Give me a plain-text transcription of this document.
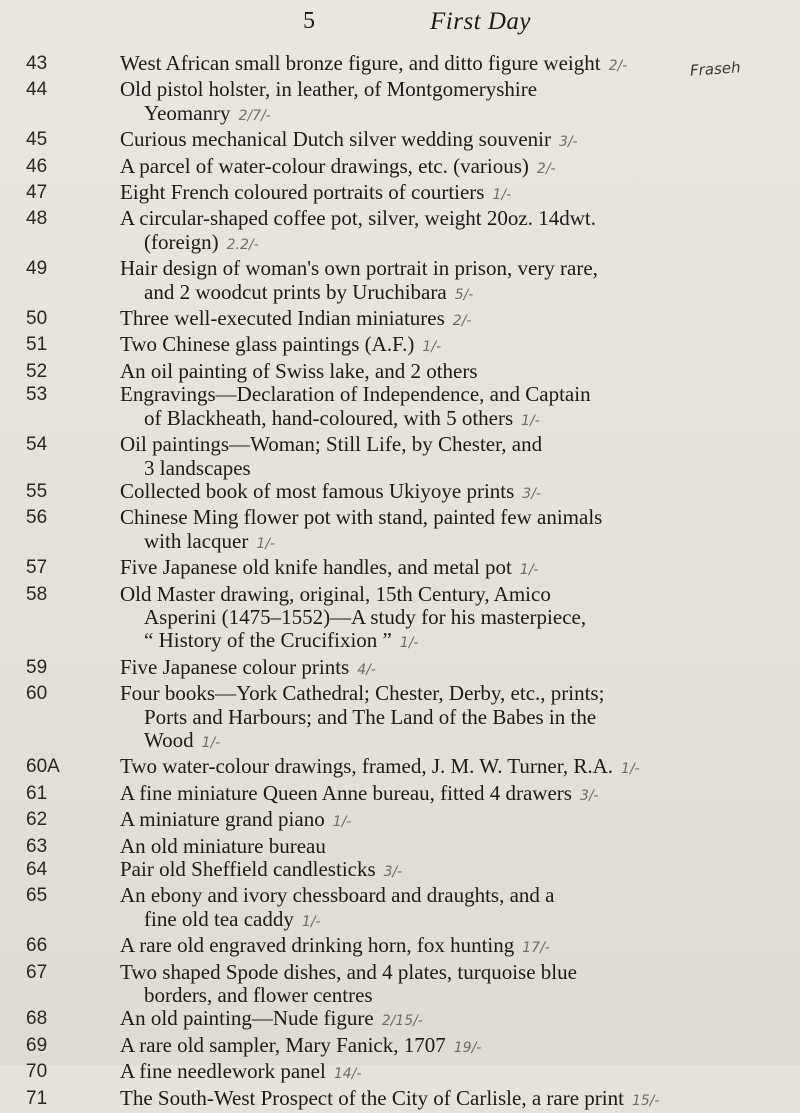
5	First Day
Fraseh
43	West African small bronze figure, and ditto figure weight 2/-
44	Old pistol holster, in leather, of Montgomeryshire
Yeomanry 2/7/-
45	Curious mechanical Dutch silver wedding souvenir 3/-
46	A parcel of water-colour drawings, etc. (various) 2/-
47	Eight French coloured portraits of courtiers 1/-
48	A circular-shaped coffee pot, silver, weight 20oz. 14dwt.
(foreign) 2.2/-
49	Hair design of woman's own portrait in prison, very rare,
and 2 woodcut prints by Uruchibara 5/-
50	Three well-executed Indian miniatures 2/-
51	Two Chinese glass paintings (A.F.) 1/-
52	An oil painting of Swiss lake, and 2 others
53	Engravings—Declaration of Independence, and Captain
of Blackheath, hand-coloured, with 5 others 1/-
54	Oil paintings—Woman; Still Life, by Chester, and
3 landscapes
55	Collected book of most famous Ukiyoye prints 3/-
56	Chinese Ming flower pot with stand, painted few animals
with lacquer 1/-
57	Five Japanese old knife handles, and metal pot 1/-
58	Old Master drawing, original, 15th Century, Amico
Asperini (1475–1552)—A study for his masterpiece,
“ History of the Crucifixion ” 1/-
59	Five Japanese colour prints 4/-
60	Four books—York Cathedral; Chester, Derby, etc., prints;
Ports and Harbours; and The Land of the Babes in the
Wood 1/-
60A	Two water-colour drawings, framed, J. M. W. Turner, R.A. 1/-
61	A fine miniature Queen Anne bureau, fitted 4 drawers 3/-
62	A miniature grand piano 1/-
63	An old miniature bureau
64	Pair old Sheffield candlesticks 3/-
65	An ebony and ivory chessboard and draughts, and a
fine old tea caddy 1/-
66	A rare old engraved drinking horn, fox hunting 17/-
67	Two shaped Spode dishes, and 4 plates, turquoise blue
borders, and flower centres
68	An old painting—Nude figure 2/15/-
69	A rare old sampler, Mary Fanick, 1707 19/-
70	A fine needlework panel 14/-
71	The South-West Prospect of the City of Carlisle, a rare print 15/-
